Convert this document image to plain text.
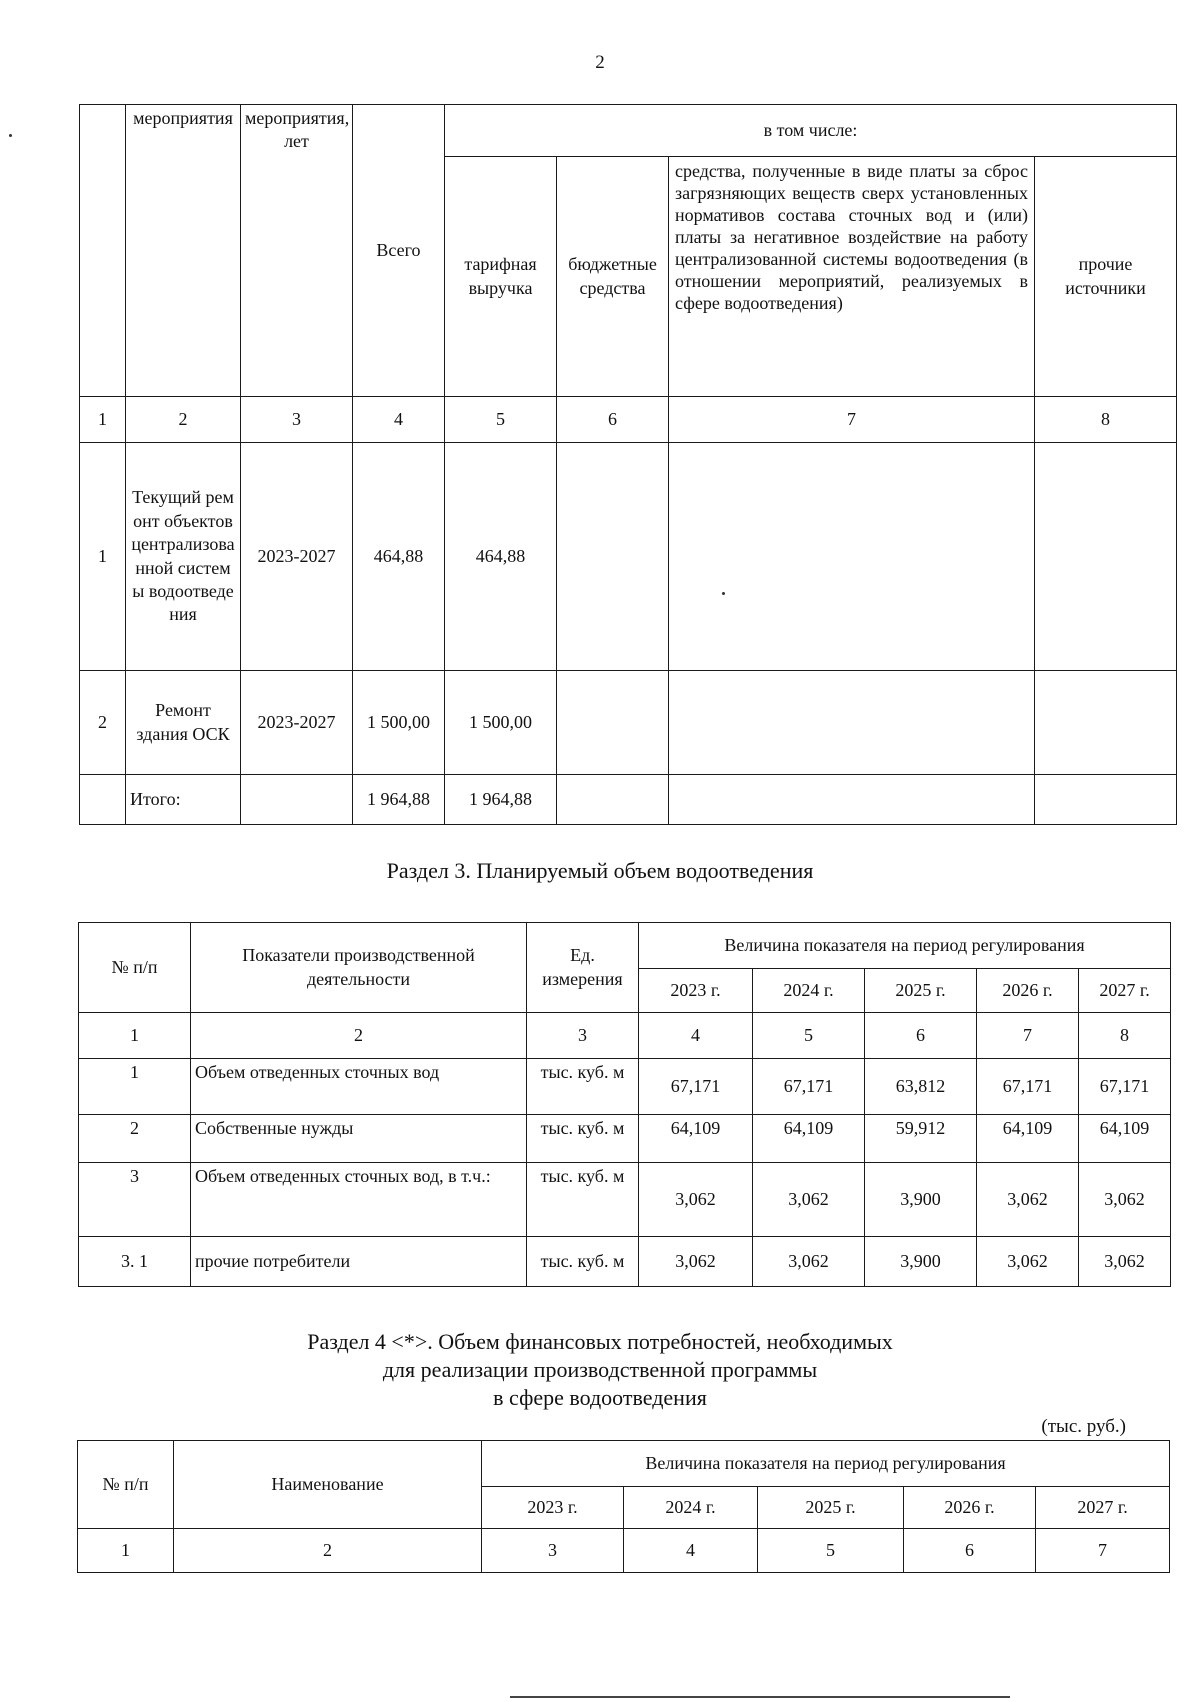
2
	мероприятия	мероприятия, лет	Всего	в том числе:			
				тарифная выручка	бюджетные средства	средства, полученные в виде платы за сброс загрязняющих веществ сверх установленных нормативов состава сточных вод и (или) платы за негативное воздействие на работу централизованной системы водоотведения (в отношении мероприятий, реализуемых в сфере водоотведения)	прочие источники
1	2	3	4	5	6	7	8
1	Текущий ремонт объектов централизованной системы водоотведения	2023-2027	464,88	464,88			
2	Ремонт здания ОСК	2023-2027	1 500,00	1 500,00			
	Итого:		1 964,88	1 964,88			
Раздел 3. Планируемый объем водоотведения
№ п/п	Показатели производственной деятельности	Ед. измерения	Величина показателя на период регулирования				
			2023 г.	2024 г.	2025 г.	2026 г.	2027 г.
1	2	3	4	5	6	7	8
1	Объем отведенных сточных вод	тыс. куб. м	67,171	67,171	63,812	67,171	67,171
2	Собственные нужды	тыс. куб. м	64,109	64,109	59,912	64,109	64,109
3	Объем отведенных сточных вод, в т.ч.:	тыс. куб. м	3,062	3,062	3,900	3,062	3,062
3. 1	прочие потребители	тыс. куб. м	3,062	3,062	3,900	3,062	3,062
Раздел 4 <*>. Объем финансовых потребностей, необходимых
для реализации производственной программы
в сфере водоотведения
(тыс. руб.)
№ п/п	Наименование	Величина показателя на период регулирования				
		2023 г.	2024 г.	2025 г.	2026 г.	2027 г.
1	2	3	4	5	6	7
